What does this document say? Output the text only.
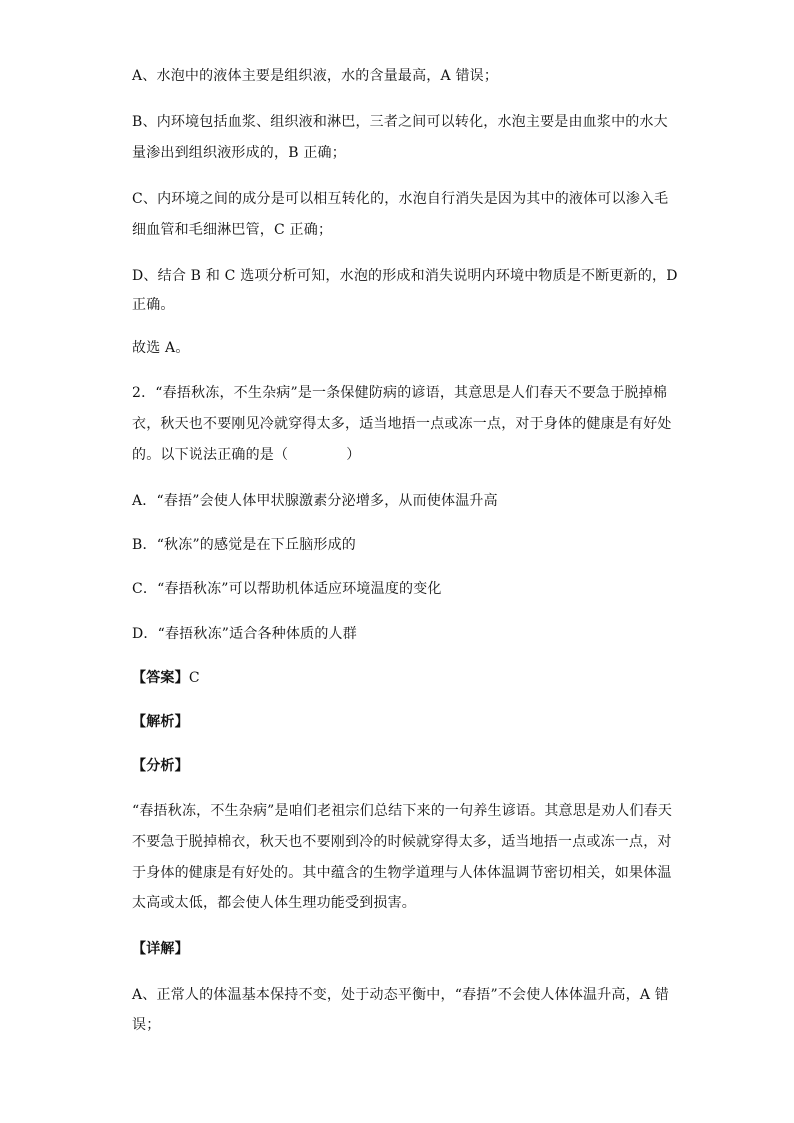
A、水泡中的液体主要是组织液，水的含量最高，A 错误；
B、内环境包括血浆、组织液和淋巴，三者之间可以转化，水泡主要是由血浆中的水大
量渗出到组织液形成的，B 正确；
C、内环境之间的成分是可以相互转化的，水泡自行消失是因为其中的液体可以渗入毛
细血管和毛细淋巴管，C 正确；
D、结合 B 和 C 选项分析可知，水泡的形成和消失说明内环境中物质是不断更新的，D
正确。
故选 A。
2．“春捂秋冻，不生杂病”是一条保健防病的谚语，其意思是人们春天不要急于脱掉棉
衣，秋天也不要刚见冷就穿得太多，适当地捂一点或冻一点，对于身体的健康是有好处
的。以下说法正确的是（	）
A．“春捂”会使人体甲状腺激素分泌增多，从而使体温升高
B．“秋冻”的感觉是在下丘脑形成的
C．“春捂秋冻”可以帮助机体适应环境温度的变化
D．“春捂秋冻”适合各种体质的人群
【答案】C
【解析】
【分析】
“春捂秋冻，不生杂病”是咱们老祖宗们总结下来的一句养生谚语。其意思是劝人们春天
不要急于脱掉棉衣，秋天也不要刚到冷的时候就穿得太多，适当地捂一点或冻一点，对
于身体的健康是有好处的。其中蕴含的生物学道理与人体体温调节密切相关，如果体温
太高或太低，都会使人体生理功能受到损害。
【详解】
A、正常人的体温基本保持不变，处于动态平衡中，“春捂”不会使人体体温升高，A 错
误；
